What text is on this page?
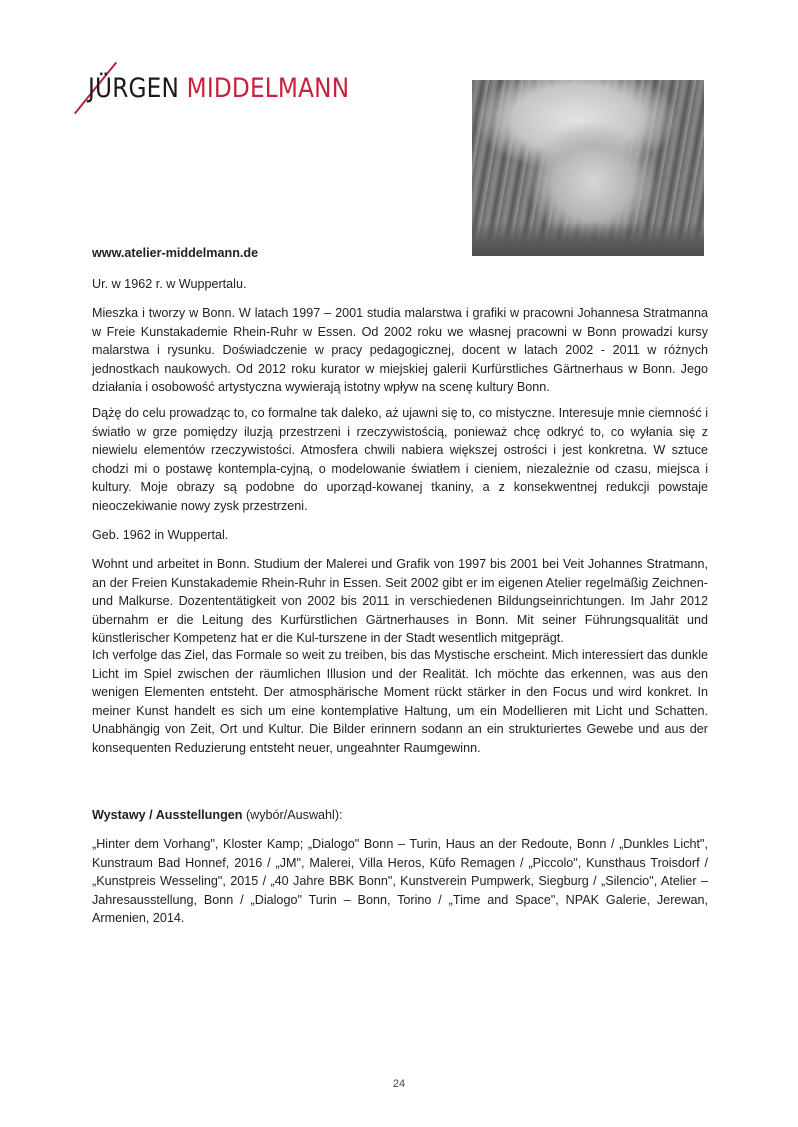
JÜRGEN MIDDELMANN
www.atelier-middelmann.de

Ur. w 1962 r. w Wuppertalu.

Mieszka i tworzy w Bonn. W latach 1997 – 2001 studia malarstwa i grafiki w pracowni Johannesa Stratmanna w Freie Kunstakademie Rhein-Ruhr w Essen. Od 2002 roku we własnej pracowni w Bonn prowadzi kursy malarstwa i rysunku. Doświadczenie w pracy pedagogicznej, docent w latach 2002 - 2011 w różnych jednostkach naukowych. Od 2012 roku kurator w miejskiej galerii Kurfürstliches Gärtnerhaus w Bonn. Jego działania i osobowość artystyczna wywierają istotny wpływ na scenę kultury Bonn.

Dążę do celu prowadząc to, co formalne tak daleko, aż ujawni się to, co mistyczne. Interesuje mnie ciemność i światło w grze pomiędzy iluzją przestrzeni i rzeczywistością, ponieważ chcę odkryć to, co wyłania się z niewielu elementów rzeczywistości. Atmosfera chwili nabiera większej ostrości i jest konkretna. W sztuce chodzi mi o postawę kontempla-cyjną, o modelowanie światłem i cieniem, niezależnie od czasu, miejsca i kultury. Moje obrazy są podobne do uporząd-kowanej tkaniny, a z konsekwentnej redukcji powstaje nieoczekiwanie nowy zysk przestrzeni.

Geb. 1962 in Wuppertal.

Wohnt und arbeitet in Bonn. Studium der Malerei und Grafik von 1997 bis 2001 bei Veit Johannes Stratmann, an der Freien Kunstakademie Rhein-Ruhr in Essen. Seit 2002 gibt er im eigenen Atelier regelmäßig Zeichnen- und Malkurse. Dozententätigkeit von 2002 bis 2011 in verschiedenen Bildungseinrichtungen. Im Jahr 2012 übernahm er die Leitung des Kurfürstlichen Gärtnerhauses in Bonn. Mit seiner Führungsqualität und künstlerischer Kompetenz hat er die Kul-turszene in der Stadt wesentlich mitgeprägt.

Ich verfolge das Ziel, das Formale so weit zu treiben, bis das Mystische erscheint. Mich interessiert das dunkle Licht im Spiel zwischen der räumlichen Illusion und der Realität. Ich möchte das erkennen, was aus den wenigen Elementen entsteht. Der atmosphärische Moment rückt stärker in den Focus und wird konkret. In meiner Kunst handelt es sich um eine kontemplative Haltung, um ein Modellieren mit Licht und Schatten. Unabhängig von Zeit, Ort und Kultur. Die Bilder erinnern sodann an ein strukturiertes Gewebe und aus der konsequenten Reduzierung entsteht neuer, ungeahnter Raumgewinn.

Wystawy / Ausstellungen (wybór/Auswahl):

„Hinter dem Vorhang", Kloster Kamp; „Dialogo" Bonn – Turin, Haus an der Redoute, Bonn / „Dunkles Licht", Kunstraum Bad Honnef, 2016 / „JM", Malerei, Villa Heros, Küfo Remagen / „Piccolo", Kunsthaus Troisdorf / „Kunstpreis Wesseling", 2015 / „40 Jahre BBK Bonn", Kunstverein Pumpwerk, Siegburg / „Silencio", Atelier – Jahresausstellung, Bonn / „Dialogo" Turin – Bonn, Torino / „Time and Space", NPAK Galerie, Jerewan, Armenien, 2014.

24
